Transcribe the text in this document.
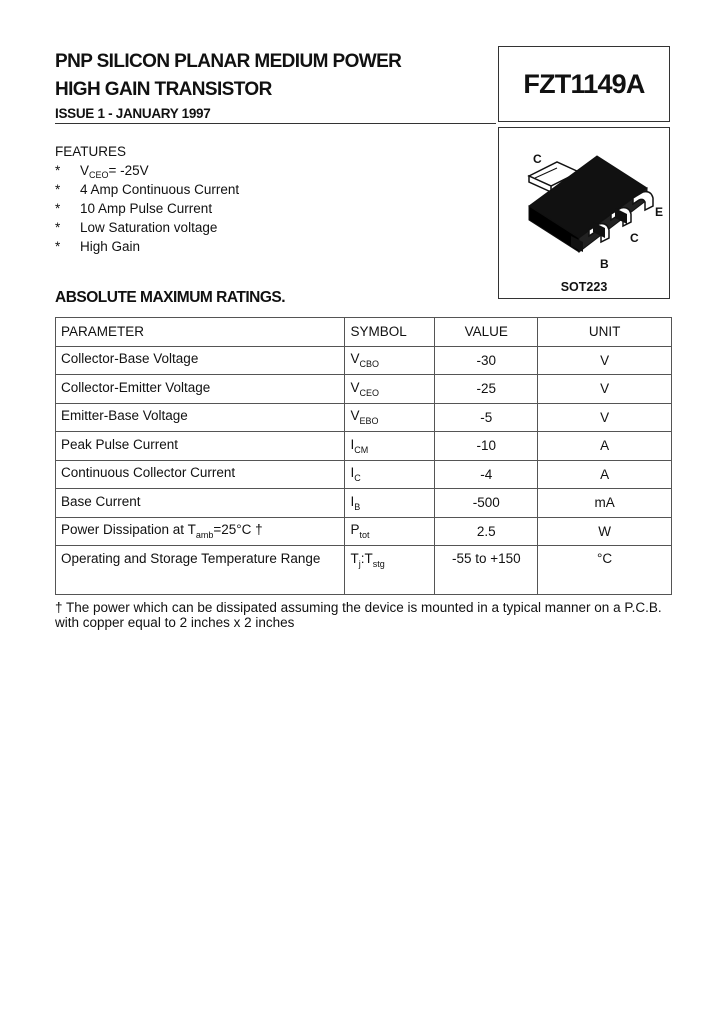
PNP SILICON PLANAR MEDIUM POWER
HIGH GAIN TRANSISTOR
ISSUE 1 - JANUARY 1997
FZT1149A
C
E
C
B
SOT223
FEATURES
* $V_{CEO}= -25V$
* 4 Amp Continuous Current
* 10 Amp Pulse Current
* Low Saturation voltage
* High Gain
ABSOLUTE MAXIMUM RATINGS.
PARAMETER	SYMBOL	VALUE	UNIT
Collector-Base Voltage	$V_{CBO}$	-30	V
Collector-Emitter Voltage	$V_{CEO}$	-25	V
Emitter-Base Voltage	$V_{EBO}$	-5	V
Peak Pulse Current	$I_{CM}$	-10	A
Continuous Collector Current	$I_C$	-4	A
Base Current	$I_B$	-500	mA
Power Dissipation at $T_{amb}=25^\circ C$ †	$P_{tot}$	2.5	W
Operating and Storage Temperature Range	$T_j:T_{stg}$	-55 to +150	°C
† The power which can be dissipated assuming the device is mounted in a typical manner on a P.C.B. with copper equal to 2 inches x 2 inches
